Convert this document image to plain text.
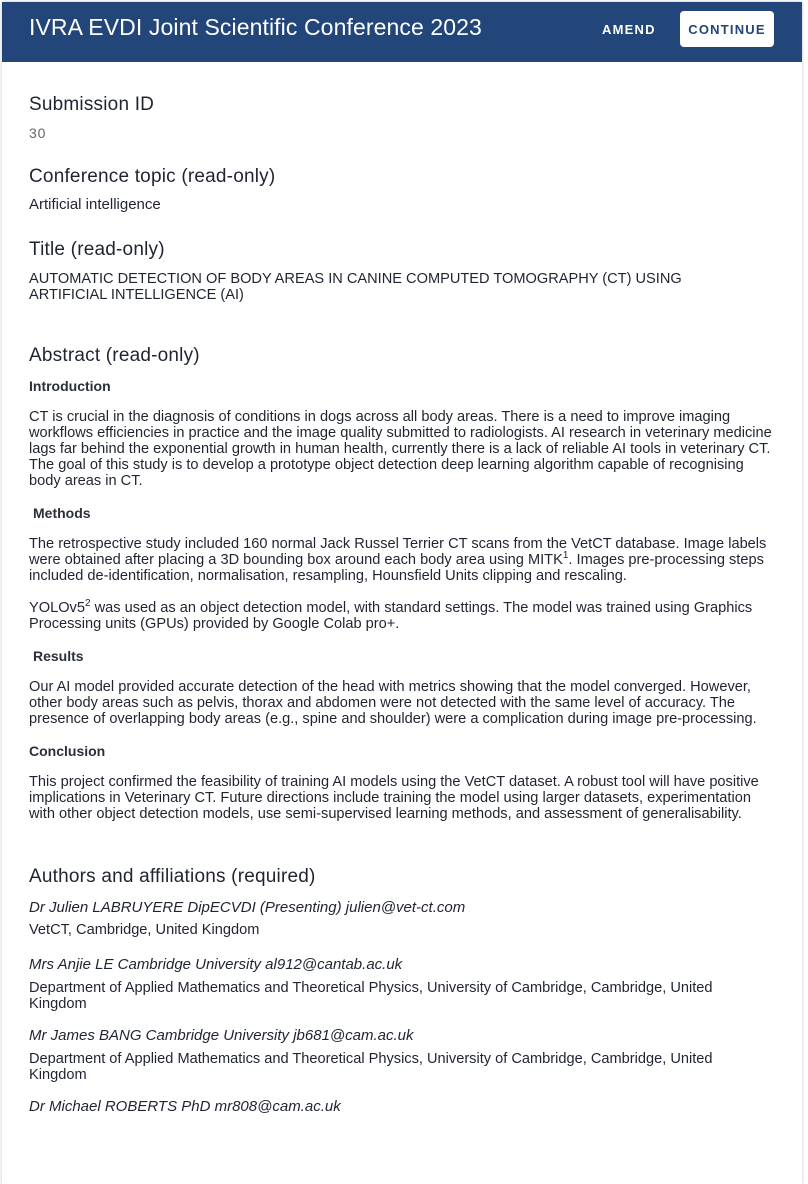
IVRA EVDI Joint Scientific Conference 2023	AMEND	CONTINUE
Submission ID
30
Conference topic (read-only)

Artificial intelligence

Title (read-only)

AUTOMATIC DETECTION OF BODY AREAS IN CANINE COMPUTED TOMOGRAPHY (CT) USING ARTIFICIAL INTELLIGENCE (AI)

Abstract (read-only)

Introduction

CT is crucial in the diagnosis of conditions in dogs across all body areas. There is a need to improve imaging workflows efficiencies in practice and the image quality submitted to radiologists. AI research in veterinary medicine lags far behind the exponential growth in human health, currently there is a lack of reliable AI tools in veterinary CT. The goal of this study is to develop a prototype object detection deep learning algorithm capable of recognising body areas in CT.

Methods

The retrospective study included 160 normal Jack Russel Terrier CT scans from the VetCT database. Image labels were obtained after placing a 3D bounding box around each body area using MITK$^1$. Images pre-processing steps included de-identification, normalisation, resampling, Hounsfield Units clipping and rescaling.

$YOLOv5^2$ was used as an object detection model, with standard settings. The model was trained using Graphics Processing units (GPUs) provided by Google Colab pro+.

Results

Our AI model provided accurate detection of the head with metrics showing that the model converged. However, other body areas such as pelvis, thorax and abdomen were not detected with the same level of accuracy. The presence of overlapping body areas (e.g., spine and shoulder) were a complication during image pre-processing.

Conclusion

This project confirmed the feasibility of training AI models using the VetCT dataset. A robust tool will have positive implications in Veterinary CT. Future directions include training the model using larger datasets, experimentation with other object detection models, use semi-supervised learning methods, and assessment of generalisability.

Authors and affiliations (required)

Dr Julien LABRUYERE DipECVDI (Presenting) julien@vet-ct.com

VetCT, Cambridge, United Kingdom

Mrs Anjie LE Cambridge University al912@cantab.ac.uk

Department of Applied Mathematics and Theoretical Physics, University of Cambridge, Cambridge, United Kingdom

Mr James BANG Cambridge University jb681@cam.ac.uk

Department of Applied Mathematics and Theoretical Physics, University of Cambridge, Cambridge, United Kingdom

Dr Michael ROBERTS PhD mr808@cam.ac.uk
